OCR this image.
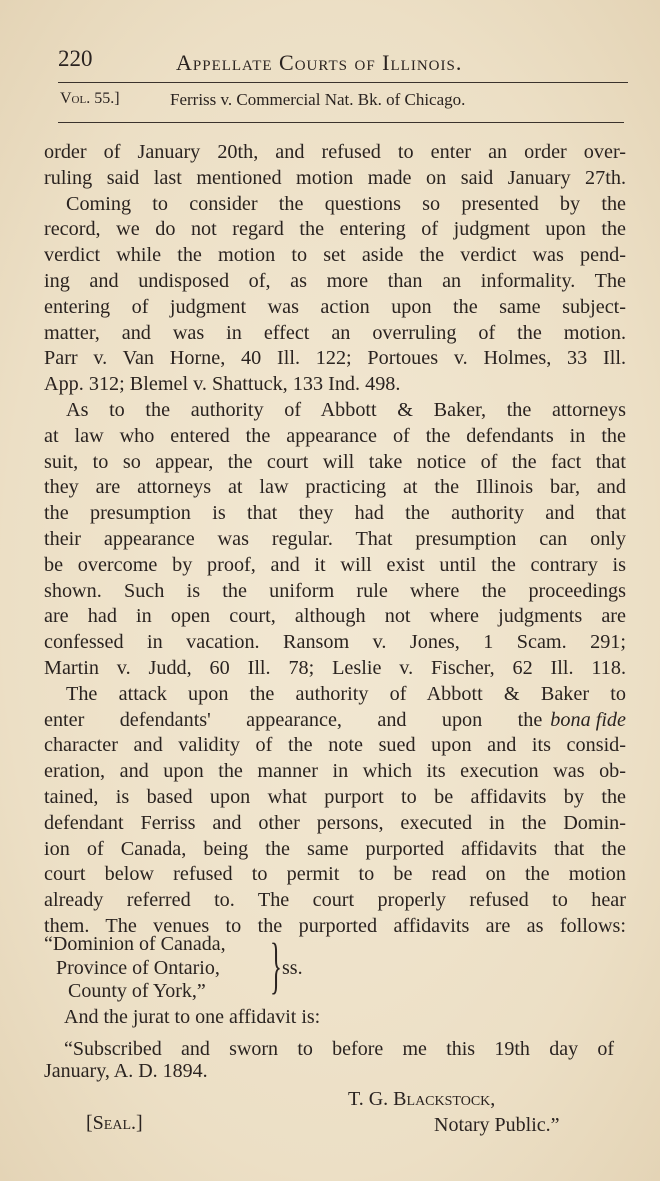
220	Appellate Courts of Illinois.
Vol. 55.]	Ferriss v. Commercial Nat. Bk. of Chicago.
order of January 20th, and refused to enter an order over-
ruling said last mentioned motion made on said January 27th.
Coming to consider the questions so presented by the
record, we do not regard the entering of judgment upon the
verdict while the motion to set aside the verdict was pend-
ing and undisposed of, as more than an informality. The
entering of judgment was action upon the same subject-
matter, and was in effect an overruling of the motion.
Parr v. Van Horne, 40 Ill. 122; Portoues v. Holmes, 33 Ill.
App. 312; Blemel v. Shattuck, 133 Ind. 498.
As to the authority of Abbott & Baker, the attorneys
at law who entered the appearance of the defendants in the
suit, to so appear, the court will take notice of the fact that
they are attorneys at law practicing at the Illinois bar, and
the presumption is that they had the authority and that
their appearance was regular. That presumption can only
be overcome by proof, and it will exist until the contrary is
shown. Such is the uniform rule where the proceedings
are had in open court, although not where judgments are
confessed in vacation. Ransom v. Jones, 1 Scam. 291;
Martin v. Judd, 60 Ill. 78; Leslie v. Fischer, 62 Ill. 118.
The attack upon the authority of Abbott & Baker to
enter defendants' appearance, and upon the bona fide
character and validity of the note sued upon and its consid-
eration, and upon the manner in which its execution was ob-
tained, is based upon what purport to be affidavits by the
defendant Ferriss and other persons, executed in the Domin-
ion of Canada, being the same purported affidavits that the
court below refused to permit to be read on the motion
already referred to. The court properly refused to hear
them. The venues to the purported affidavits are as follows:
“Dominion of Canada,
Province of Ontario,
County of York,” } ss.
And the jurat to one affidavit is:
“Subscribed and sworn to before me this 19th day of
January, A. D. 1894.
T. G. Blackstock,
Notary Public.”
[Seal.]
